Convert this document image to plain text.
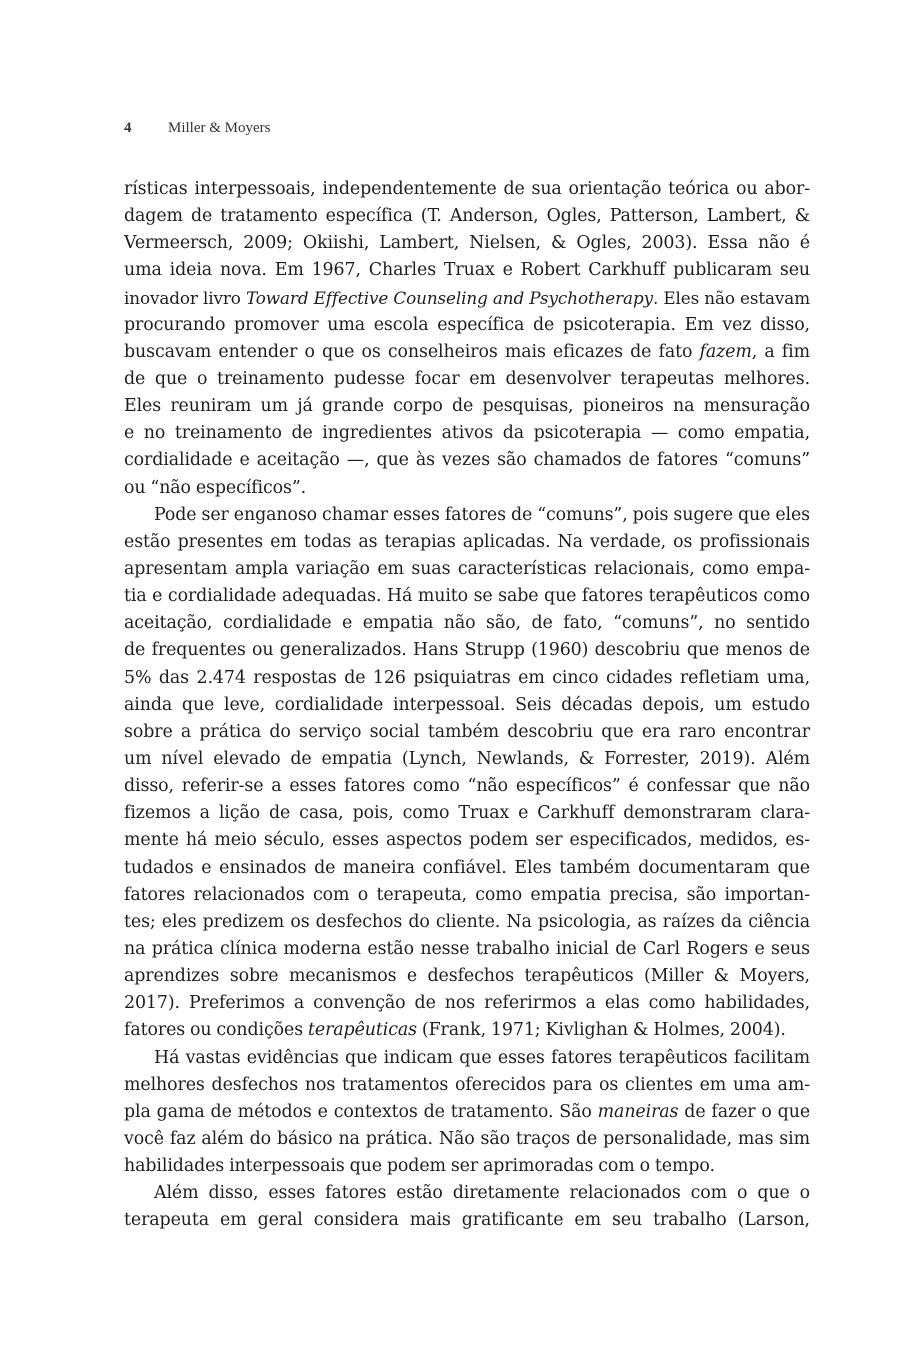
4 Miller & Moyers
rísticas interpessoais, independentemente de sua orientação teórica ou abor-
dagem de tratamento específica (T. Anderson, Ogles, Patterson, Lambert, &
Vermeersch, 2009; Okiishi, Lambert, Nielsen, & Ogles, 2003). Essa não é
uma ideia nova. Em 1967, Charles Truax e Robert Carkhuff publicaram seu
inovador livro Toward Effective Counseling and Psychotherapy. Eles não estavam
procurando promover uma escola específica de psicoterapia. Em vez disso,
buscavam entender o que os conselheiros mais eficazes de fato fazem, a fim
de que o treinamento pudesse focar em desenvolver terapeutas melhores.
Eles reuniram um já grande corpo de pesquisas, pioneiros na mensuração
e no treinamento de ingredientes ativos da psicoterapia — como empatia,
cordialidade e aceitação —, que às vezes são chamados de fatores “comuns”
ou “não específicos”.
Pode ser enganoso chamar esses fatores de “comuns”, pois sugere que eles
estão presentes em todas as terapias aplicadas. Na verdade, os profissionais
apresentam ampla variação em suas características relacionais, como empa-
tia e cordialidade adequadas. Há muito se sabe que fatores terapêuticos como
aceitação, cordialidade e empatia não são, de fato, “comuns”, no sentido
de frequentes ou generalizados. Hans Strupp (1960) descobriu que menos de
5% das 2.474 respostas de 126 psiquiatras em cinco cidades refletiam uma,
ainda que leve, cordialidade interpessoal. Seis décadas depois, um estudo
sobre a prática do serviço social também descobriu que era raro encontrar
um nível elevado de empatia (Lynch, Newlands, & Forrester, 2019). Além
disso, referir-se a esses fatores como “não específicos” é confessar que não
fizemos a lição de casa, pois, como Truax e Carkhuff demonstraram clara-
mente há meio século, esses aspectos podem ser especificados, medidos, es-
tudados e ensinados de maneira confiável. Eles também documentaram que
fatores relacionados com o terapeuta, como empatia precisa, são importan-
tes; eles predizem os desfechos do cliente. Na psicologia, as raízes da ciência
na prática clínica moderna estão nesse trabalho inicial de Carl Rogers e seus
aprendizes sobre mecanismos e desfechos terapêuticos (Miller & Moyers,
2017). Preferimos a convenção de nos referirmos a elas como habilidades,
fatores ou condições terapêuticas (Frank, 1971; Kivlighan & Holmes, 2004).
Há vastas evidências que indicam que esses fatores terapêuticos facilitam
melhores desfechos nos tratamentos oferecidos para os clientes em uma am-
pla gama de métodos e contextos de tratamento. São maneiras de fazer o que
você faz além do básico na prática. Não são traços de personalidade, mas sim
habilidades interpessoais que podem ser aprimoradas com o tempo.
Além disso, esses fatores estão diretamente relacionados com o que o
terapeuta em geral considera mais gratificante em seu trabalho (Larson,
